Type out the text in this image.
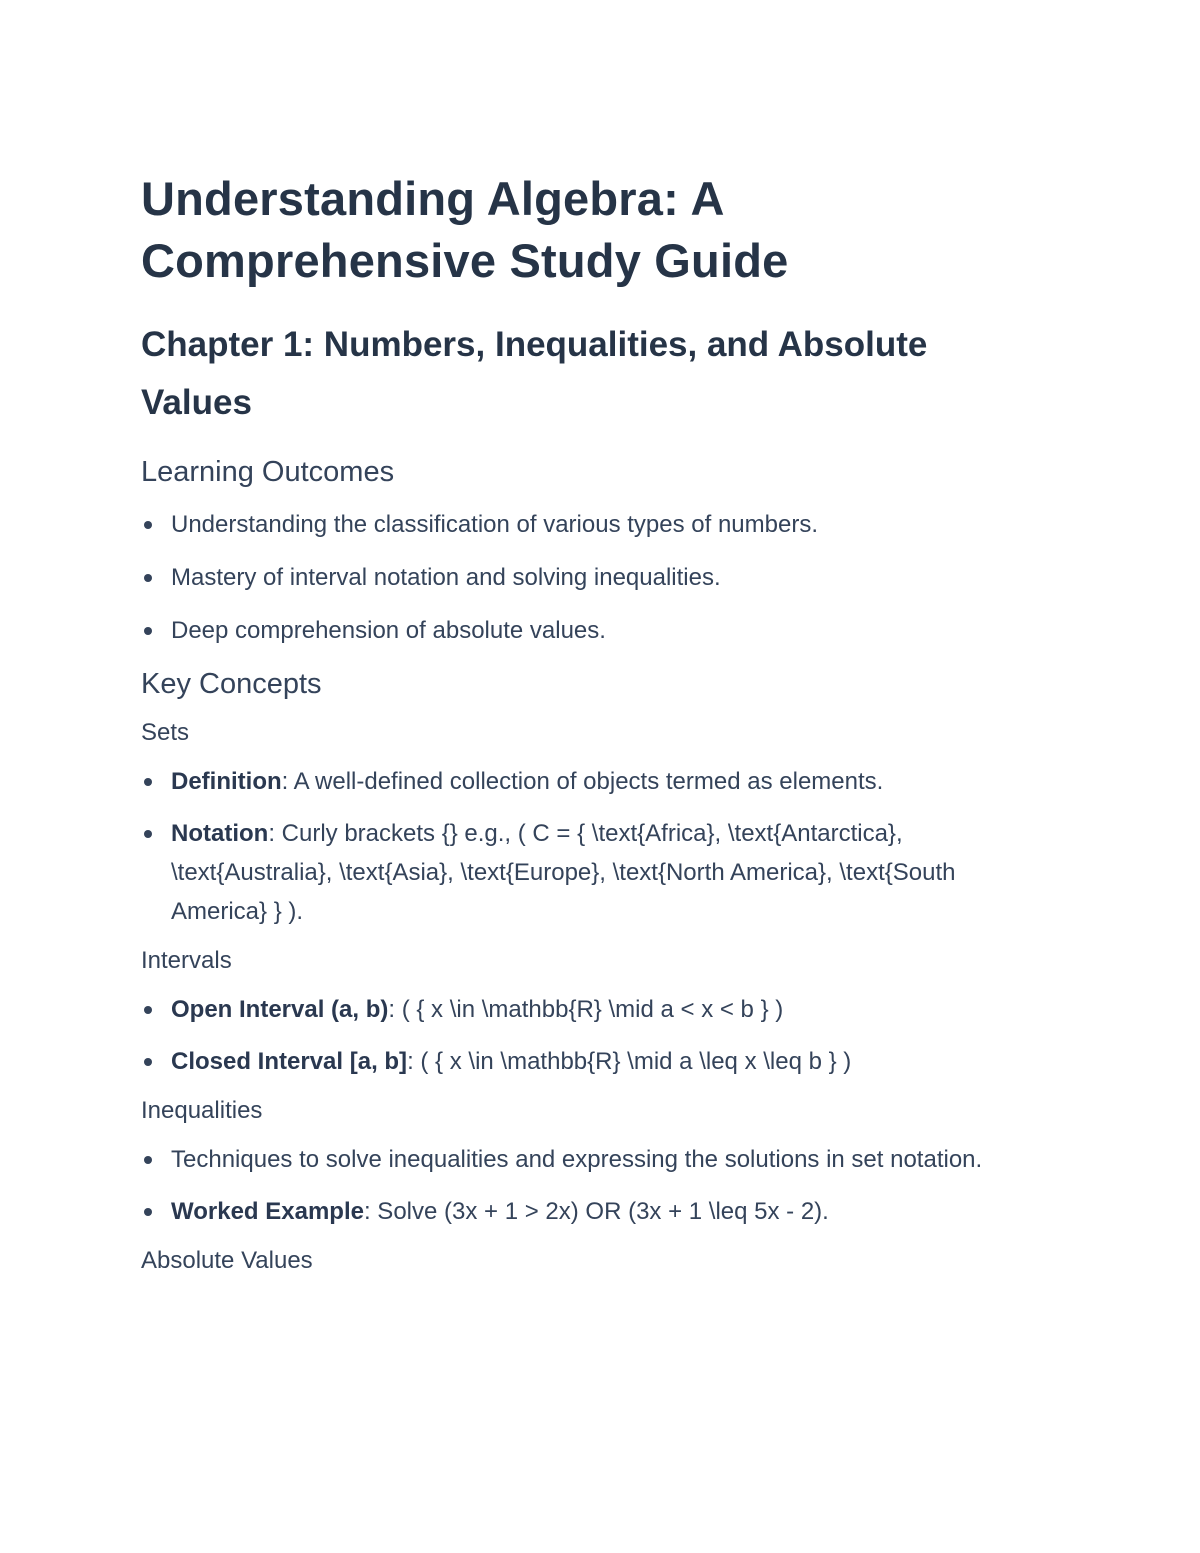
Understanding Algebra: A Comprehensive Study Guide
Chapter 1: Numbers, Inequalities, and Absolute Values
Learning Outcomes
Understanding the classification of various types of numbers.
Mastery of interval notation and solving inequalities.
Deep comprehension of absolute values.
Key Concepts
Sets
Definition: A well-defined collection of objects termed as elements.
Notation: Curly brackets {} e.g., ( C = { \text{Africa}, \text{Antarctica}, \text{Australia}, \text{Asia}, \text{Europe}, \text{North America}, \text{South America} } ).
Intervals
Open Interval (a, b): ( { x \in \mathbb{R} \mid a < x < b } )
Closed Interval [a, b]: ( { x \in \mathbb{R} \mid a \leq x \leq b } )
Inequalities
Techniques to solve inequalities and expressing the solutions in set notation.
Worked Example: Solve (3x + 1 > 2x) OR (3x + 1 \leq 5x - 2).
Absolute Values
